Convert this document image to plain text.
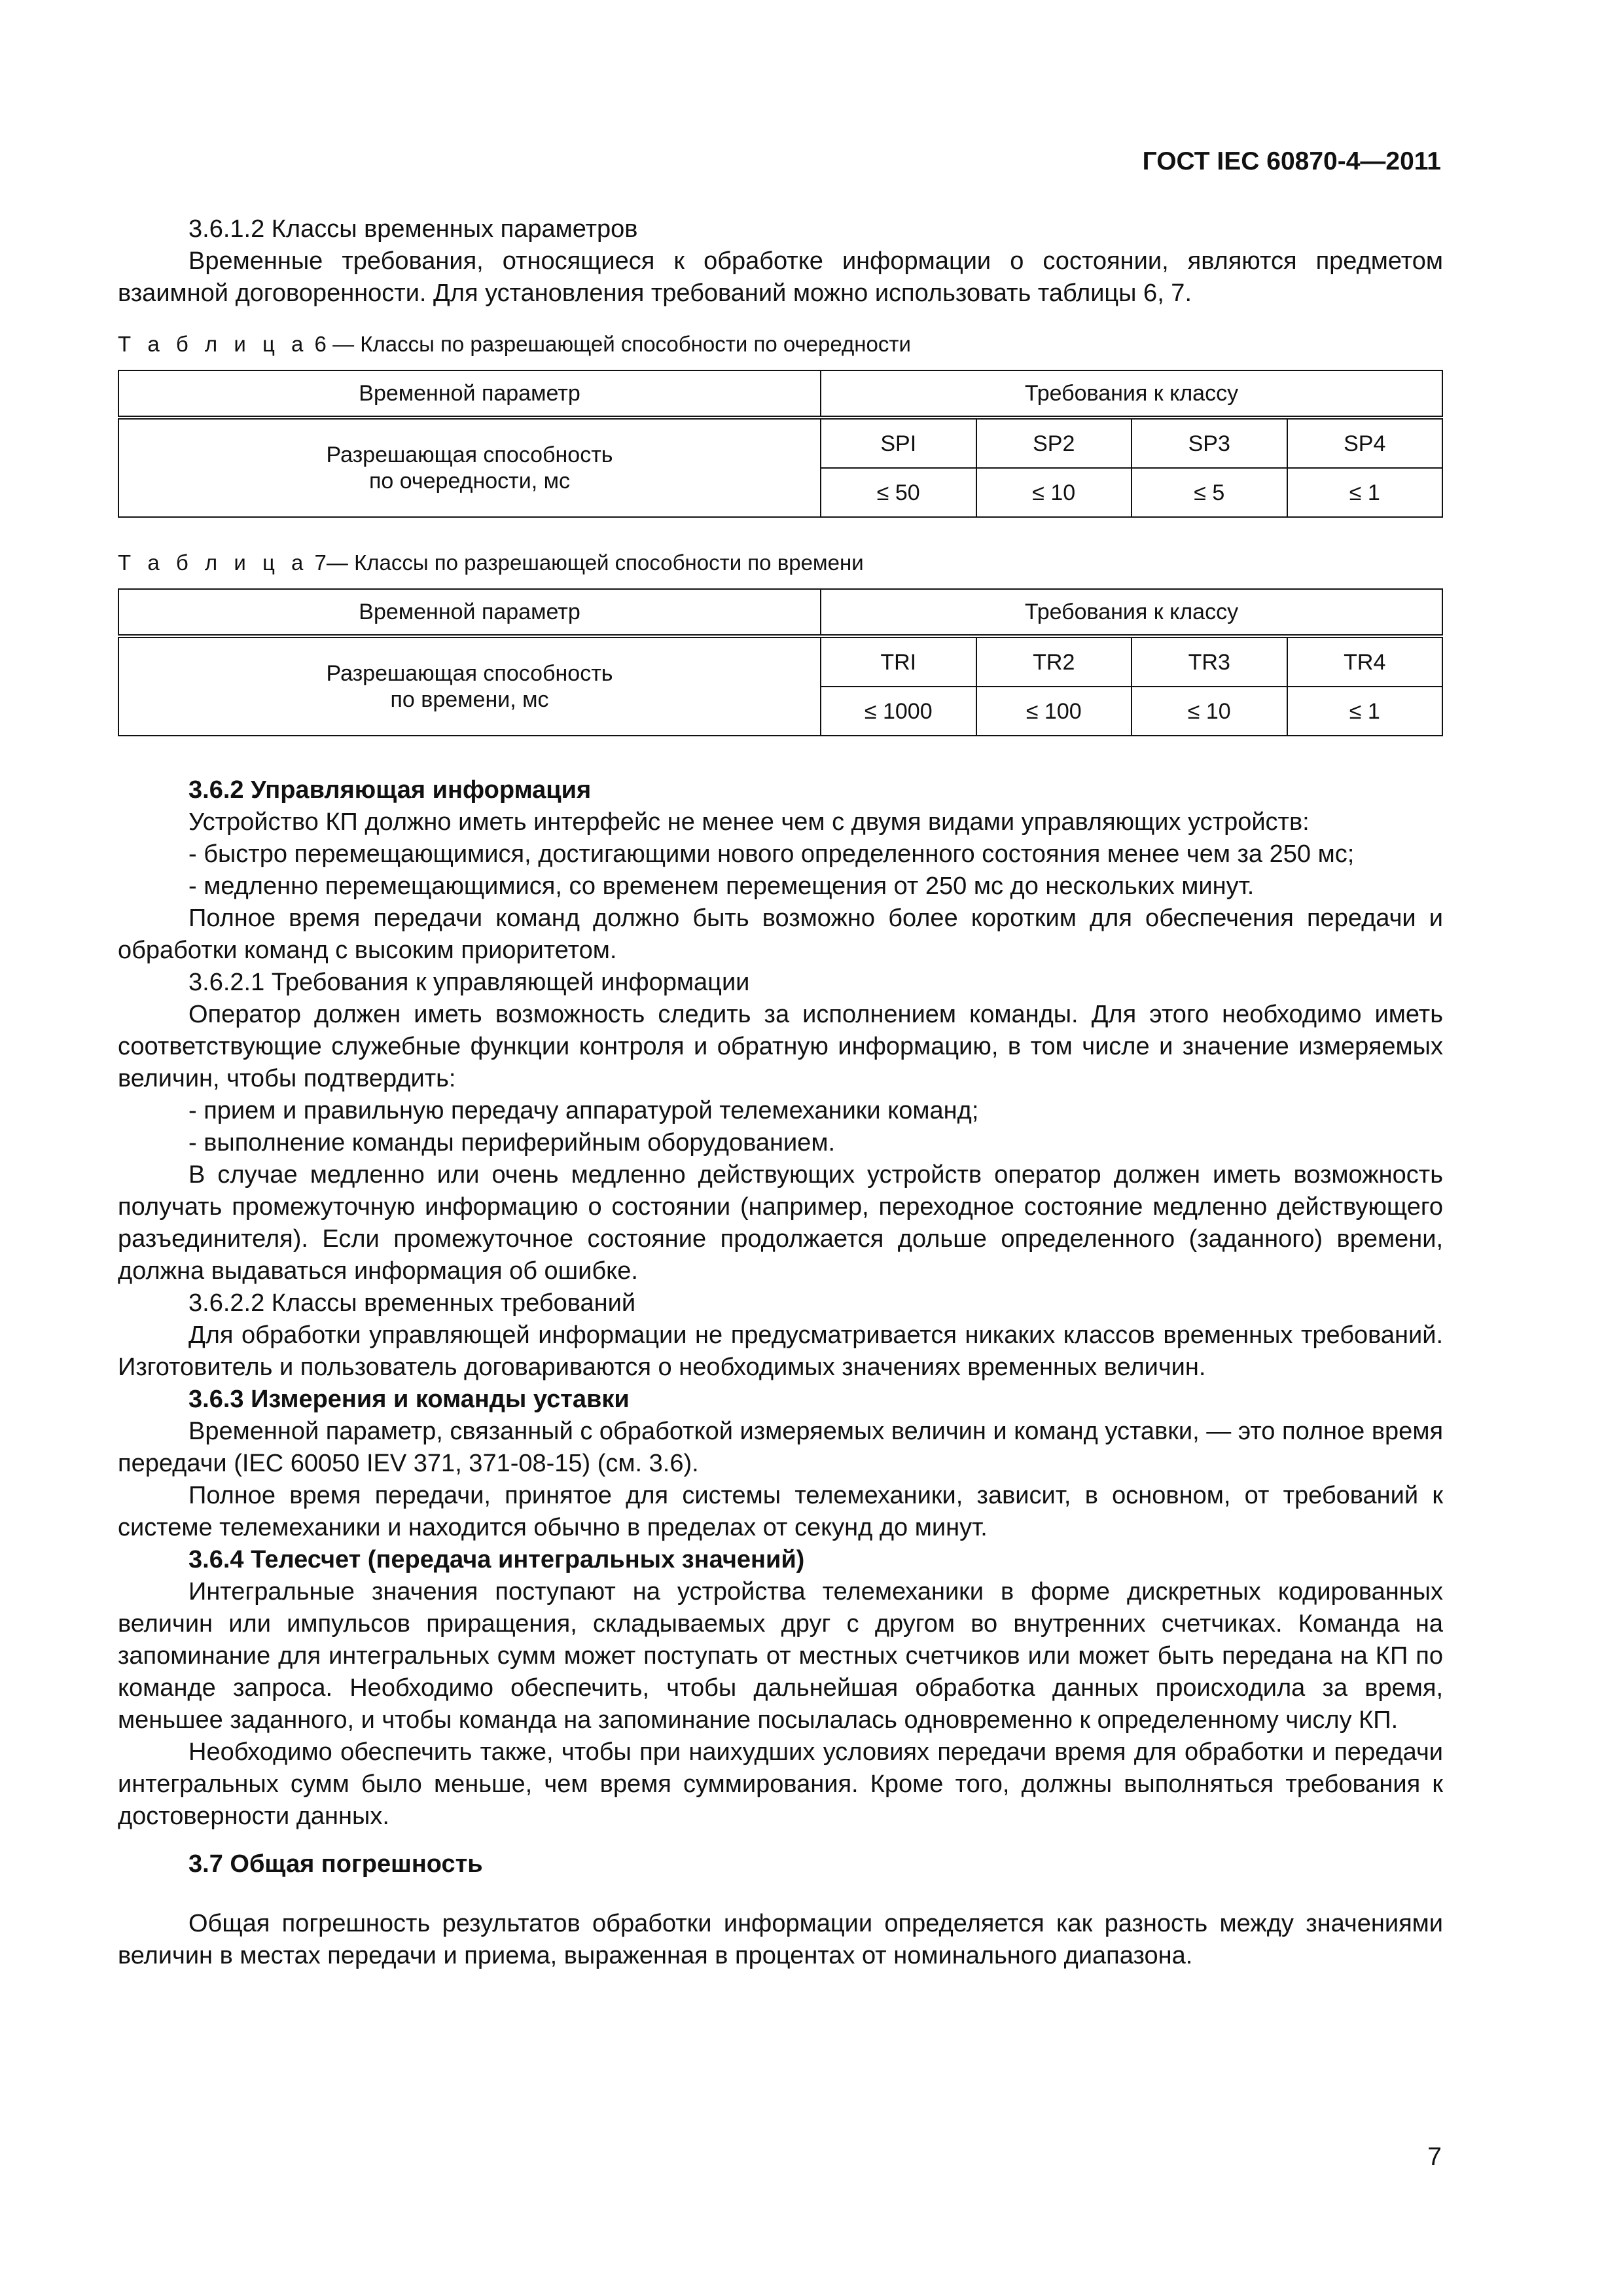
ГОСТ IEC 60870-4—2011

3.6.1.2 Классы временных параметров

Временные требования, относящиеся к обработке информации о состоянии, являются предметом взаимной договоренности. Для установления требований можно использовать таблицы 6, 7.

Т а б л и ц а 6 — Классы по разрешающей способности по очередности
Временной параметр	Требования к классу			

Разрешающая способность
по очередности, мс	SPI	SP2	SP3	SP4
	≤ 50	≤ 10	≤ 5	≤ 1
Т а б л и ц а 7— Классы по разрешающей способности по времени
Временной параметр	Требования к классу			

Разрешающая способность
по времени, мс	TRI	TR2	TR3	TR4
	≤ 1000	≤ 100	≤ 10	≤ 1

3.6.2 Управляющая информация

Устройство КП должно иметь интерфейс не менее чем с двумя видами управляющих устройств:

- быстро перемещающимися, достигающими нового определенного состояния менее чем за 250 мс;

- медленно перемещающимися, со временем перемещения от 250 мс до нескольких минут.

Полное время передачи команд должно быть возможно более коротким для обеспечения передачи и обработки команд с высоким приоритетом.

3.6.2.1 Требования к управляющей информации

Оператор должен иметь возможность следить за исполнением команды. Для этого необходимо иметь соответствующие служебные функции контроля и обратную информацию, в том числе и значение измеряемых величин, чтобы подтвердить:

- прием и правильную передачу аппаратурой телемеханики команд;

- выполнение команды периферийным оборудованием.

В случае медленно или очень медленно действующих устройств оператор должен иметь возможность получать промежуточную информацию о состоянии (например, переходное состояние медленно действующего разъединителя). Если промежуточное состояние продолжается дольше определенного (заданного) времени, должна выдаваться информация об ошибке.

3.6.2.2 Классы временных требований

Для обработки управляющей информации не предусматривается никаких классов временных требований. Изготовитель и пользователь договариваются о необходимых значениях временных величин.

3.6.3 Измерения и команды уставки

Временной параметр, связанный с обработкой измеряемых величин и команд уставки, — это полное время передачи (IEC 60050 IEV 371, 371-08-15) (см. 3.6).

Полное время передачи, принятое для системы телемеханики, зависит, в основном, от требований к системе телемеханики и находится обычно в пределах от секунд до минут.

3.6.4 Телесчет (передача интегральных значений)

Интегральные значения поступают на устройства телемеханики в форме дискретных кодированных величин или импульсов приращения, складываемых друг с другом во внутренних счетчиках. Команда на запоминание для интегральных сумм может поступать от местных счетчиков или может быть передана на КП по команде запроса. Необходимо обеспечить, чтобы дальнейшая обработка данных происходила за время, меньшее заданного, и чтобы команда на запоминание посылалась одновременно к определенному числу КП.

Необходимо обеспечить также, чтобы при наихудших условиях передачи время для обработки и передачи интегральных сумм было меньше, чем время суммирования. Кроме того, должны выполняться требования к достоверности данных.

3.7 Общая погрешность

Общая погрешность результатов обработки информации определяется как разность между значениями величин в местах передачи и приема, выраженная в процентах от номинального диапазона.

7
